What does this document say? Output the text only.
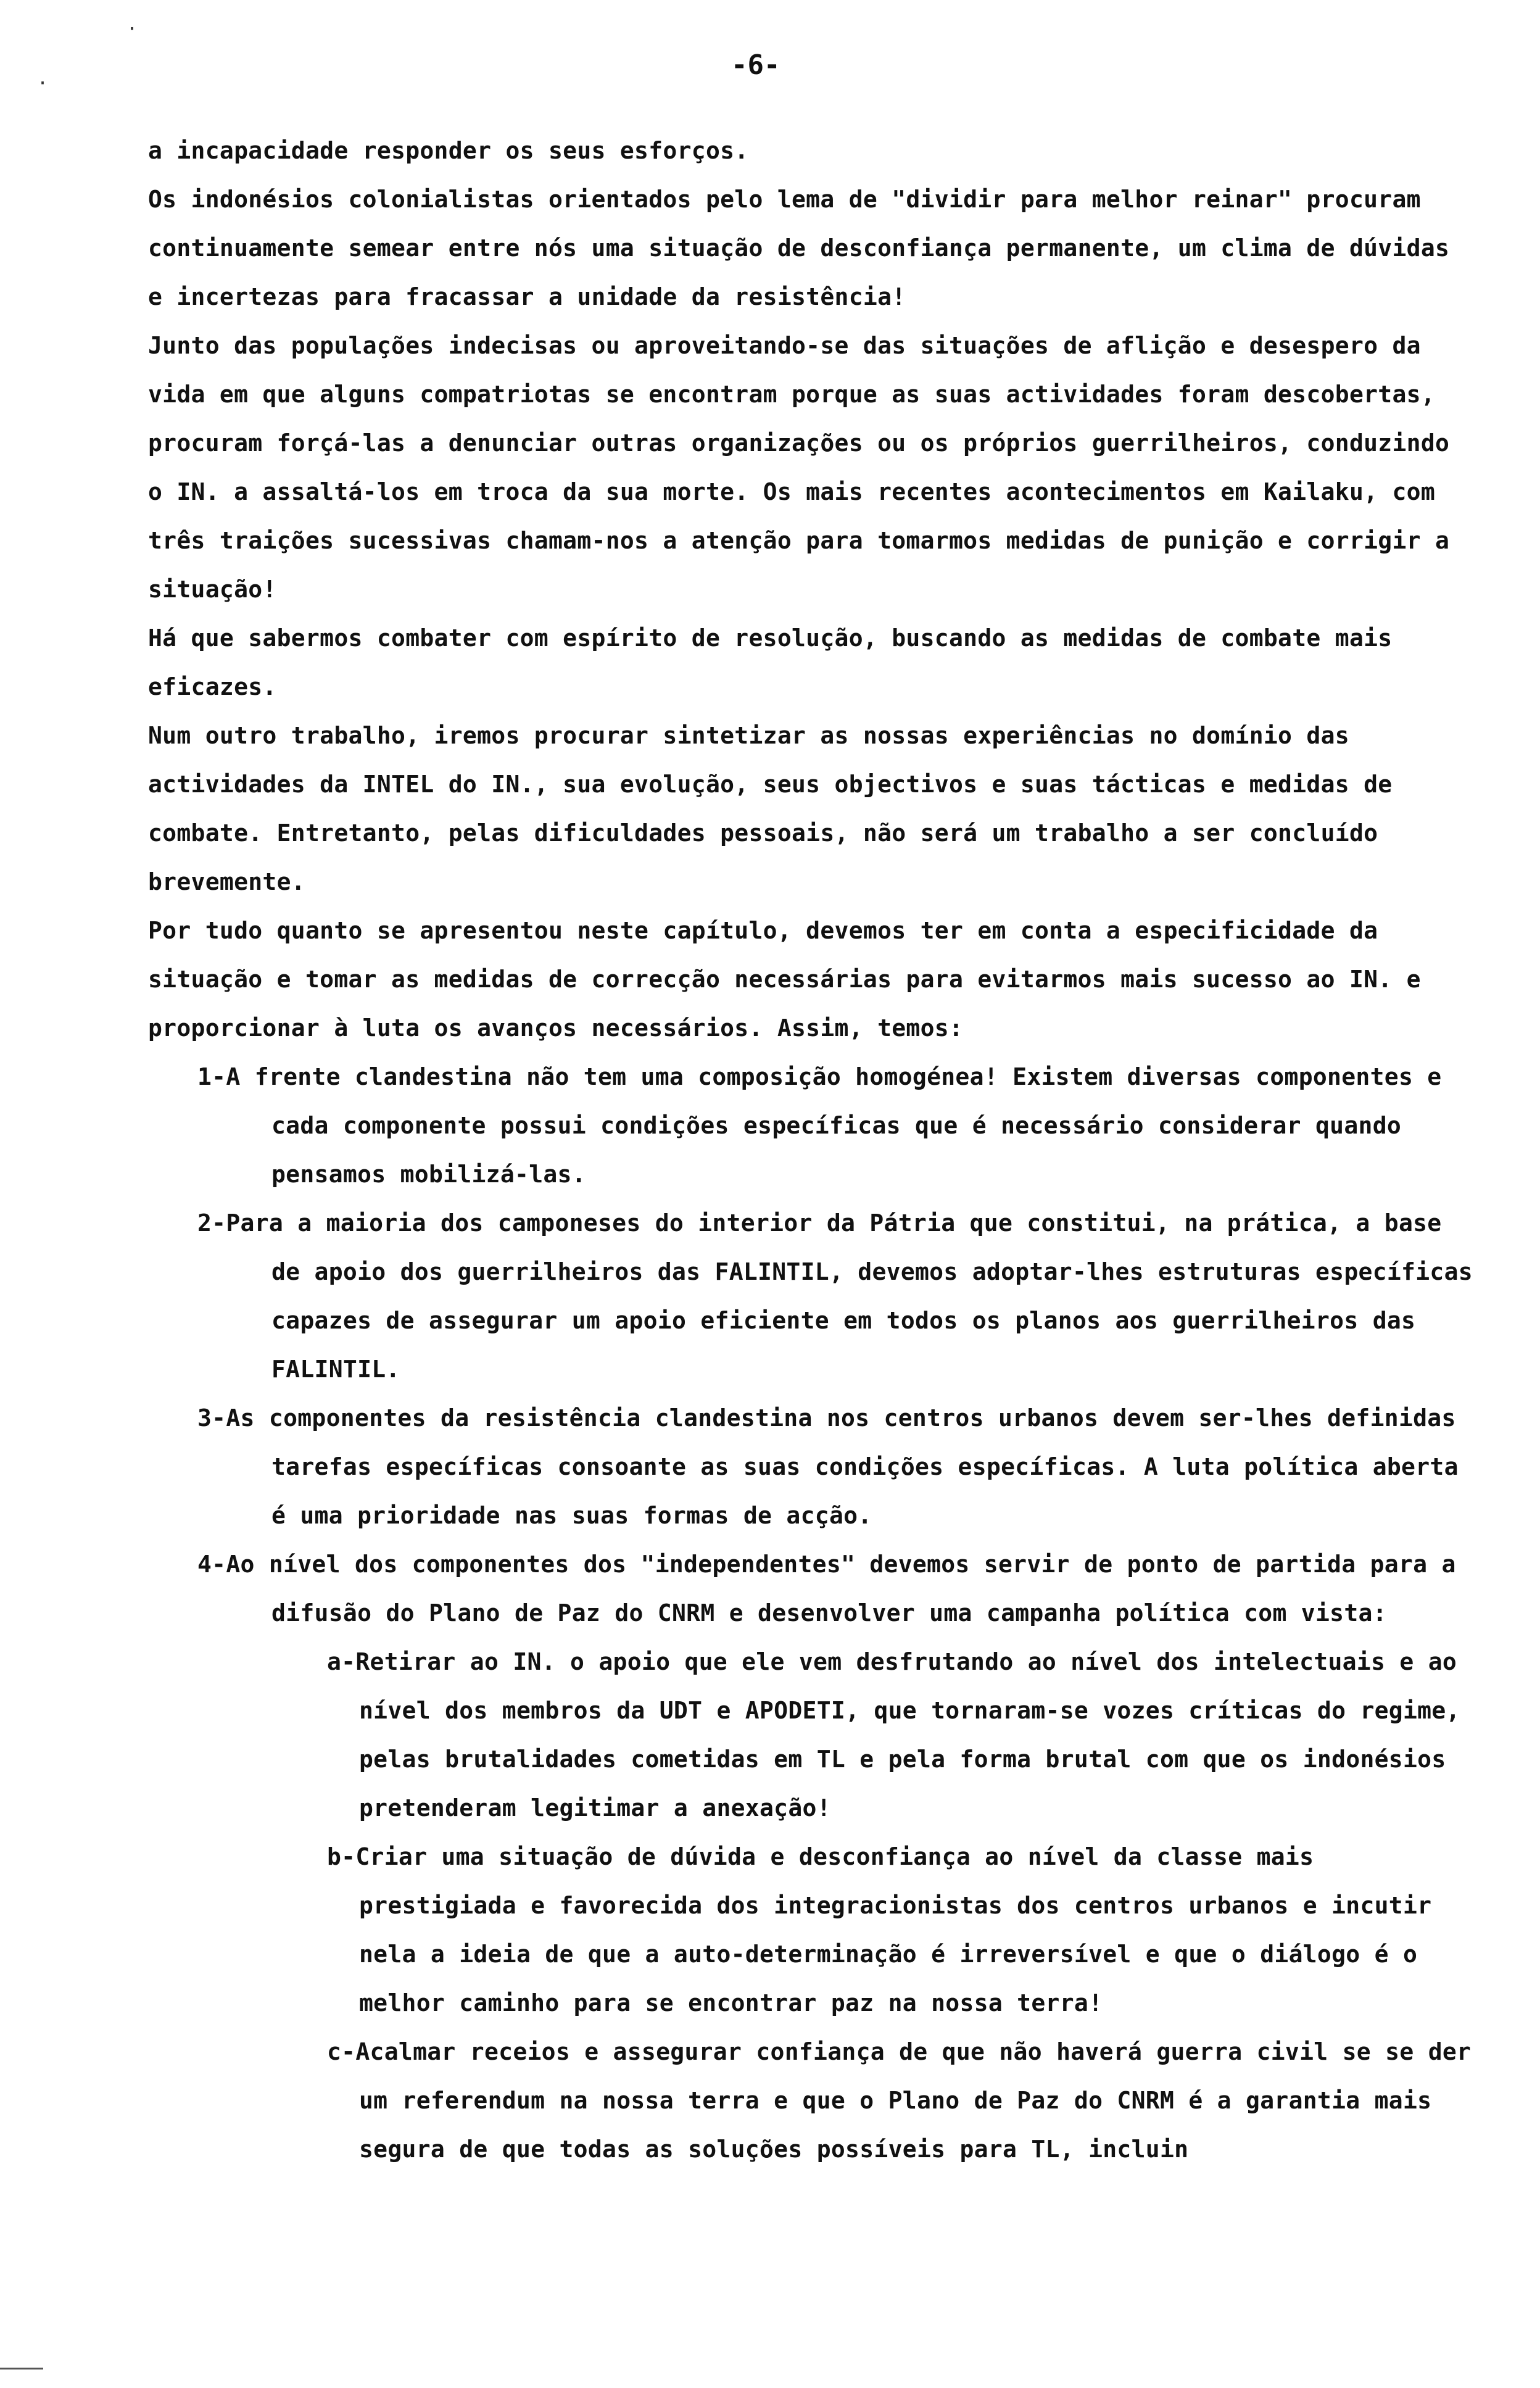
·
·
-6-

a incapacidade responder os seus esforços.

Os indonésios colonialistas orientados pelo lema de "dividir para melhor reinar" procuram continuamente semear entre nós uma situação de desconfiança permanente, um clima de dúvidas e incertezas para fracassar a unidade da resistência!

Junto das populações indecisas ou aproveitando-se das situações de aflição e desespero da vida em que alguns compatriotas se encontram porque as suas actividades foram descobertas, procuram forçá-las a denunciar outras organizações ou os próprios guerrilheiros, conduzindo o IN. a assaltá-los em troca da sua morte. Os mais recentes acontecimentos em Kailaku, com três traições sucessivas chamam-nos a atenção para tomarmos medidas de punição e corrigir a situação!

Há que sabermos combater com espírito de resolução, buscando as medidas de combate mais eficazes.

Num outro trabalho, iremos procurar sintetizar as nossas experiências no domínio das actividades da INTEL do IN., sua evolução, seus objectivos e suas tácticas e medidas de combate. Entretanto, pelas dificuldades pessoais, não será um trabalho a ser concluído brevemente.

Por tudo quanto se apresentou neste capítulo, devemos ter em conta a especificidade da situação e tomar as medidas de correcção necessárias para evitarmos mais sucesso ao IN. e proporcionar à luta os avanços necessários. Assim, temos:

1-A frente clandestina não tem uma composição homogénea! Existem diversas componentes e cada componente possui condições específicas que é necessário considerar quando pensamos mobilizá-las.

2-Para a maioria dos camponeses do interior da Pátria que constitui, na prática, a base de apoio dos guerrilheiros das FALINTIL, devemos adoptar-lhes estruturas específicas capazes de assegurar um apoio eficiente em todos os planos aos guerrilheiros das FALINTIL.

3-As componentes da resistência clandestina nos centros urbanos devem ser-lhes definidas tarefas específicas consoante as suas condições específicas. A luta política aberta é uma prioridade nas suas formas de acção.

4-Ao nível dos componentes dos "independentes" devemos servir de ponto de partida para a difusão do Plano de Paz do CNRM e desenvolver uma campanha política com vista:

a-Retirar ao IN. o apoio que ele vem desfrutando ao nível dos intelectuais e ao nível dos membros da UDT e APODETI, que tornaram-se vozes críticas do regime, pelas brutalidades cometidas em TL e pela forma brutal com que os indonésios pretenderam legitimar a anexação!

b-Criar uma situação de dúvida e desconfiança ao nível da classe mais prestigiada e favorecida dos integracionistas dos centros urbanos e incutir nela a ideia de que a auto-determinação é irreversível e que o diálogo é o melhor caminho para se encontrar paz na nossa terra!

c-Acalmar receios e assegurar confiança de que não haverá guerra civil se se der um referendum na nossa terra e que o Plano de Paz do CNRM é a garantia mais segura de que todas as soluções possíveis para TL, incluin
